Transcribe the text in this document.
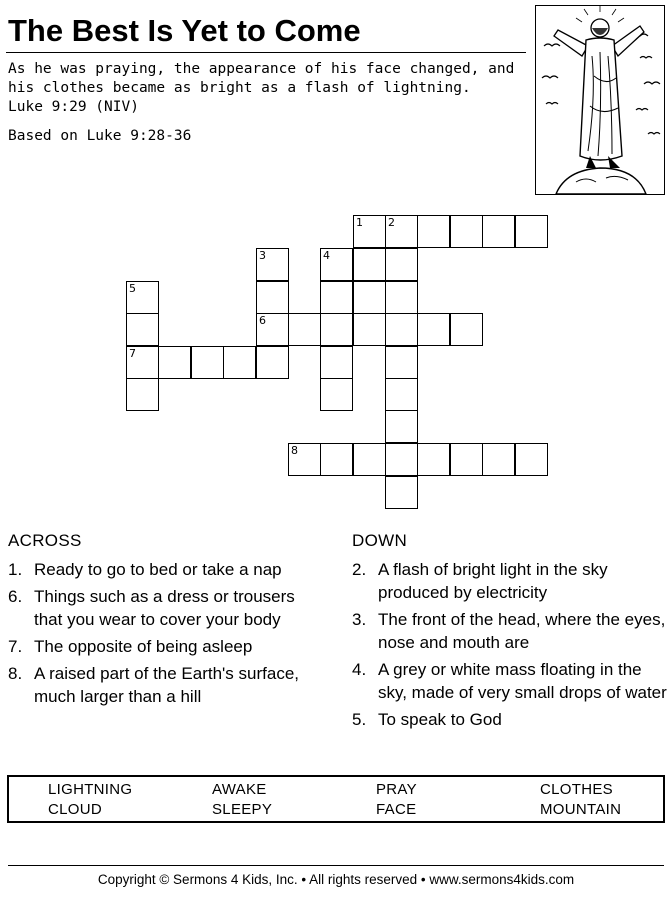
The Best Is Yet to Come
As he was praying, the appearance of his face changed, and his clothes became as bright as a flash of lightning.
Luke 9:29 (NIV)
Based on Luke 9:28-36
1 2
3	4
5
6
7
8
ACROSS
1. Ready to go to bed or take a nap
6. Things such as a dress or trousers that you wear to cover your body
7. The opposite of being asleep
8. A raised part of the Earth's surface, much larger than a hill
DOWN
2. A flash of bright light in the sky produced by electricity
3. The front of the head, where the eyes, nose and mouth are
4. A grey or white mass floating in the sky, made of very small drops of water
5. To speak to God
LIGHTNING	AWAKE	PRAY	CLOTHES
CLOUD	SLEEPY	FACE	MOUNTAIN
Copyright © Sermons 4 Kids, Inc. • All rights reserved • www.sermons4kids.com
